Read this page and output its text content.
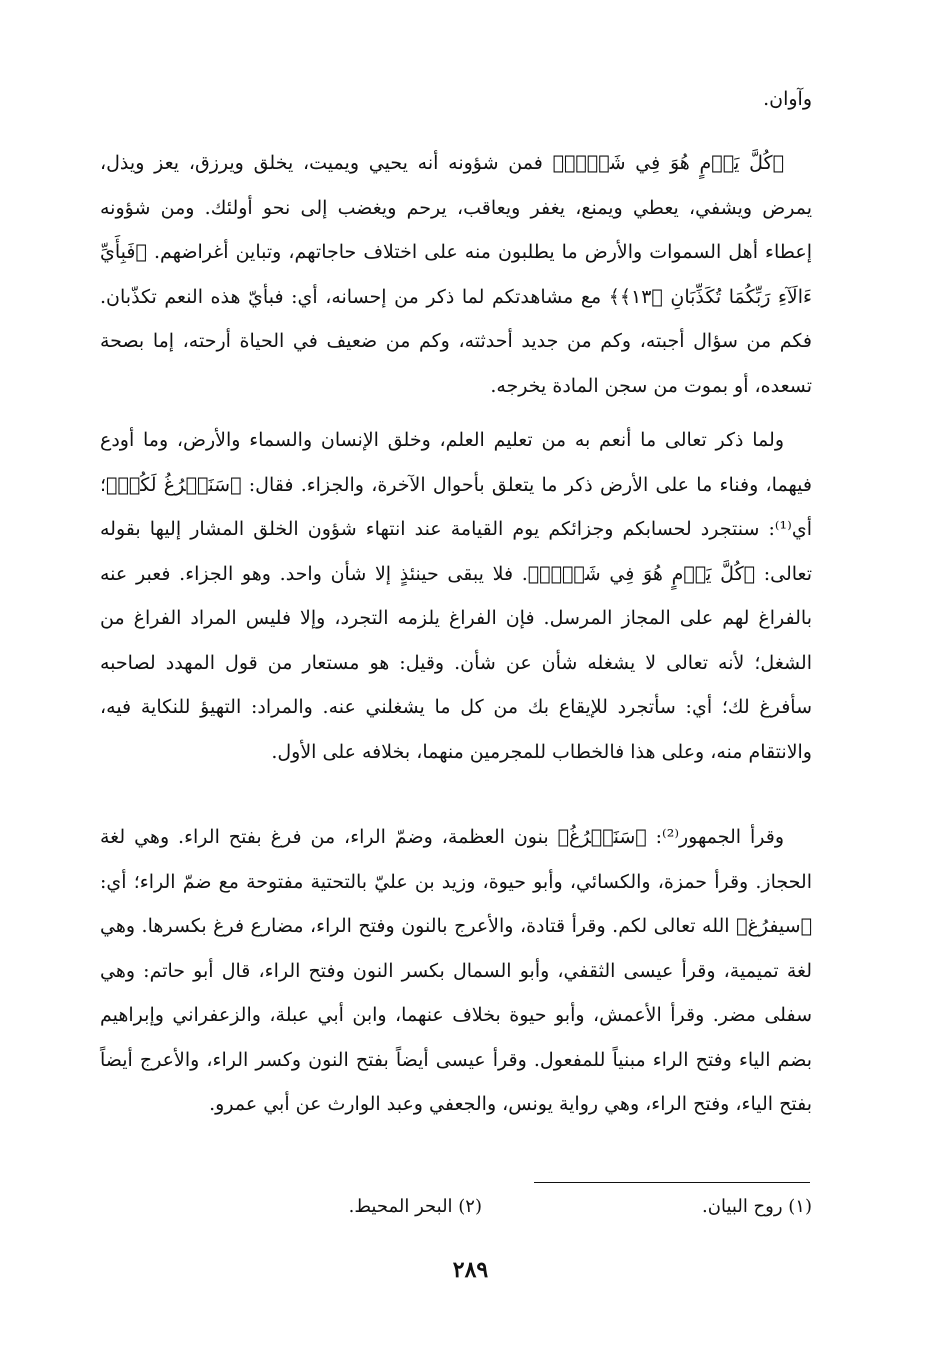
وآوان.

﴿كُلَّ يَوۡمٍ هُوَ فِي شَأۡنٖ﴾ فمن شؤونه أنه يحيي ويميت، يخلق ويرزق، يعز ويذل، يمرض ويشفي، يعطي ويمنع، يغفر ويعاقب، يرحم ويغضب إلى نحو أولئك. ومن شؤونه إعطاء أهل السموات والأرض ما يطلبون منه على اختلاف حاجاتهم، وتباين أغراضهم. ﴿فَبِأَيِّ ءَالَآءِ رَبِّكُمَا تُكَذِّبَانِ ﴿١٣﴾﴾ مع مشاهدتكم لما ذكر من إحسانه، أي: فبأيّ هذه النعم تكذّبان. فكم من سؤال أجبته، وكم من جديد أحدثته، وكم من ضعيف في الحياة أرحته، إما بصحة تسعده، أو بموت من سجن المادة يخرجه.

ولما ذكر تعالى ما أنعم به من تعليم العلم، وخلق الإنسان والسماء والأرض، وما أودع فيهما، وفناء ما على الأرض ذكر ما يتعلق بأحوال الآخرة، والجزاء. فقال: ﴿سَنَفۡرُغُ لَكُمۡ﴾؛ أي⁽¹⁾: سنتجرد لحسابكم وجزائكم يوم القيامة عند انتهاء شؤون الخلق المشار إليها بقوله تعالى: ﴿كُلَّ يَوۡمٍ هُوَ فِي شَأۡنٖ﴾. فلا يبقى حينئذٍ إلا شأن واحد. وهو الجزاء. فعبر عنه بالفراغ لهم على المجاز المرسل. فإن الفراغ يلزمه التجرد، وإلا فليس المراد الفراغ من الشغل؛ لأنه تعالى لا يشغله شأن عن شأن. وقيل: هو مستعار من قول المهدد لصاحبه سأفرغ لك؛ أي: سأتجرد للإيقاع بك من كل ما يشغلني عنه. والمراد: التهيؤ للنكاية فيه، والانتقام منه، وعلى هذا فالخطاب للمجرمين منهما، بخلافه على الأول.

وقرأ الجمهور⁽²⁾: ﴿سَنَفۡرُغُ﴾ بنون العظمة، وضمّ الراء، من فرغ بفتح الراء. وهي لغة الحجاز. وقرأ حمزة، والكسائي، وأبو حيوة، وزيد بن عليّ بالتحتية مفتوحة مع ضمّ الراء؛ أي: ﴿سيفرُغ﴾ الله تعالى لكم. وقرأ قتادة، والأعرج بالنون وفتح الراء، مضارع فرغ بكسرها. وهي لغة تميمية، وقرأ عيسى الثقفي، وأبو السمال بكسر النون وفتح الراء، قال أبو حاتم: وهي سفلى مضر. وقرأ الأعمش، وأبو حيوة بخلاف عنهما، وابن أبي عبلة، والزعفراني وإبراهيم بضم الياء وفتح الراء مبنياً للمفعول. وقرأ عيسى أيضاً بفتح النون وكسر الراء، والأعرج أيضاً بفتح الياء، وفتح الراء، وهي رواية يونس، والجعفي وعبد الوارث عن أبي عمرو.

(١) روح البيان.
(٢) البحر المحيط.
٢٨٩
